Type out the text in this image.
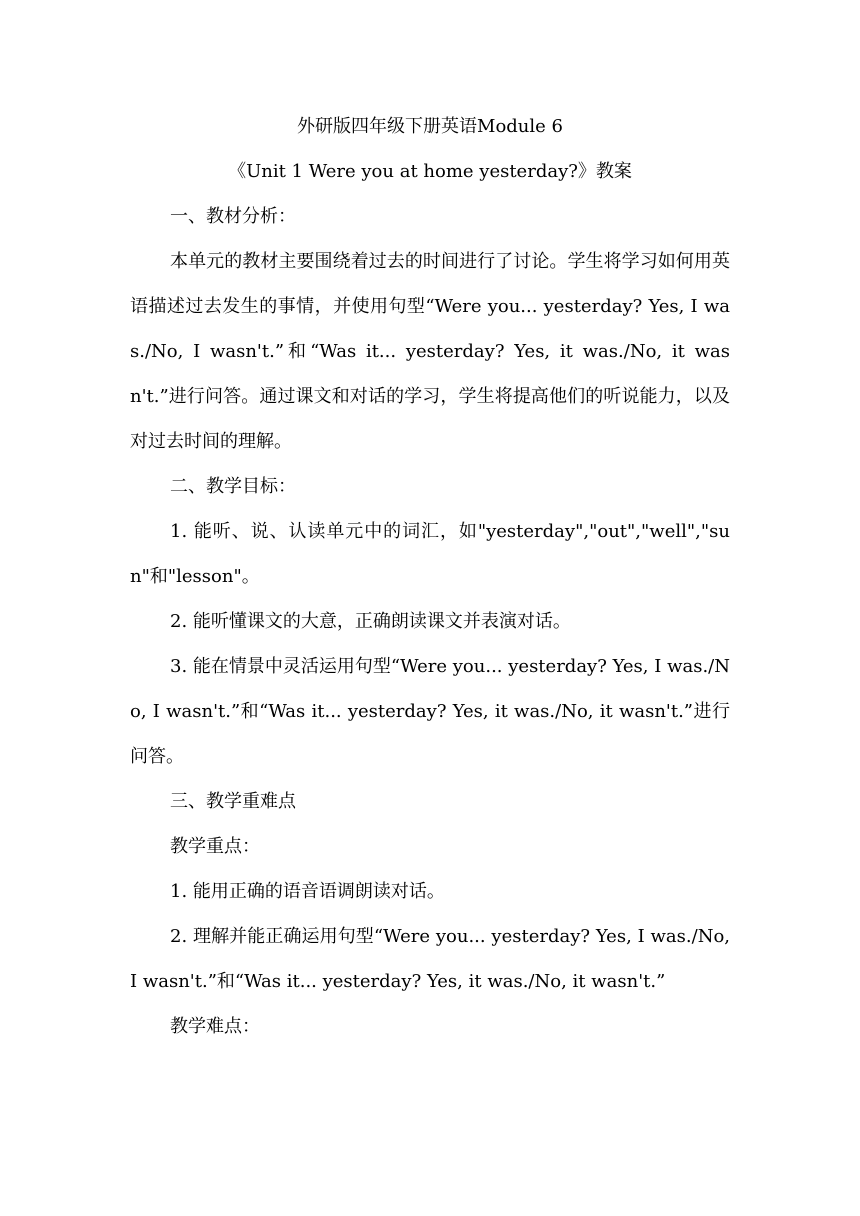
外研版四年级下册英语Module 6
《Unit 1 Were you at home yesterday?》教案
一、教材分析：
本单元的教材主要围绕着过去的时间进行了讨论。学生将学习如何用英语描述过去发生的事情，并使用句型“Were you... yesterday? Yes, I was./No, I wasn't.”和“Was it... yesterday? Yes, it was./No, it wasn't.”进行问答。通过课文和对话的学习，学生将提高他们的听说能力，以及对过去时间的理解。
二、教学目标：
1. 能听、说、认读单元中的词汇，如"yesterday","out","well","sun"和"lesson"。
2. 能听懂课文的大意，正确朗读课文并表演对话。
3. 能在情景中灵活运用句型“Were you... yesterday? Yes, I was./No, I wasn't.”和“Was it... yesterday? Yes, it was./No, it wasn't.”进行问答。
三、教学重难点
教学重点：
1. 能用正确的语音语调朗读对话。
2. 理解并能正确运用句型“Were you... yesterday? Yes, I was./No, I wasn't.”和“Was it... yesterday? Yes, it was./No, it wasn't.”
教学难点：
